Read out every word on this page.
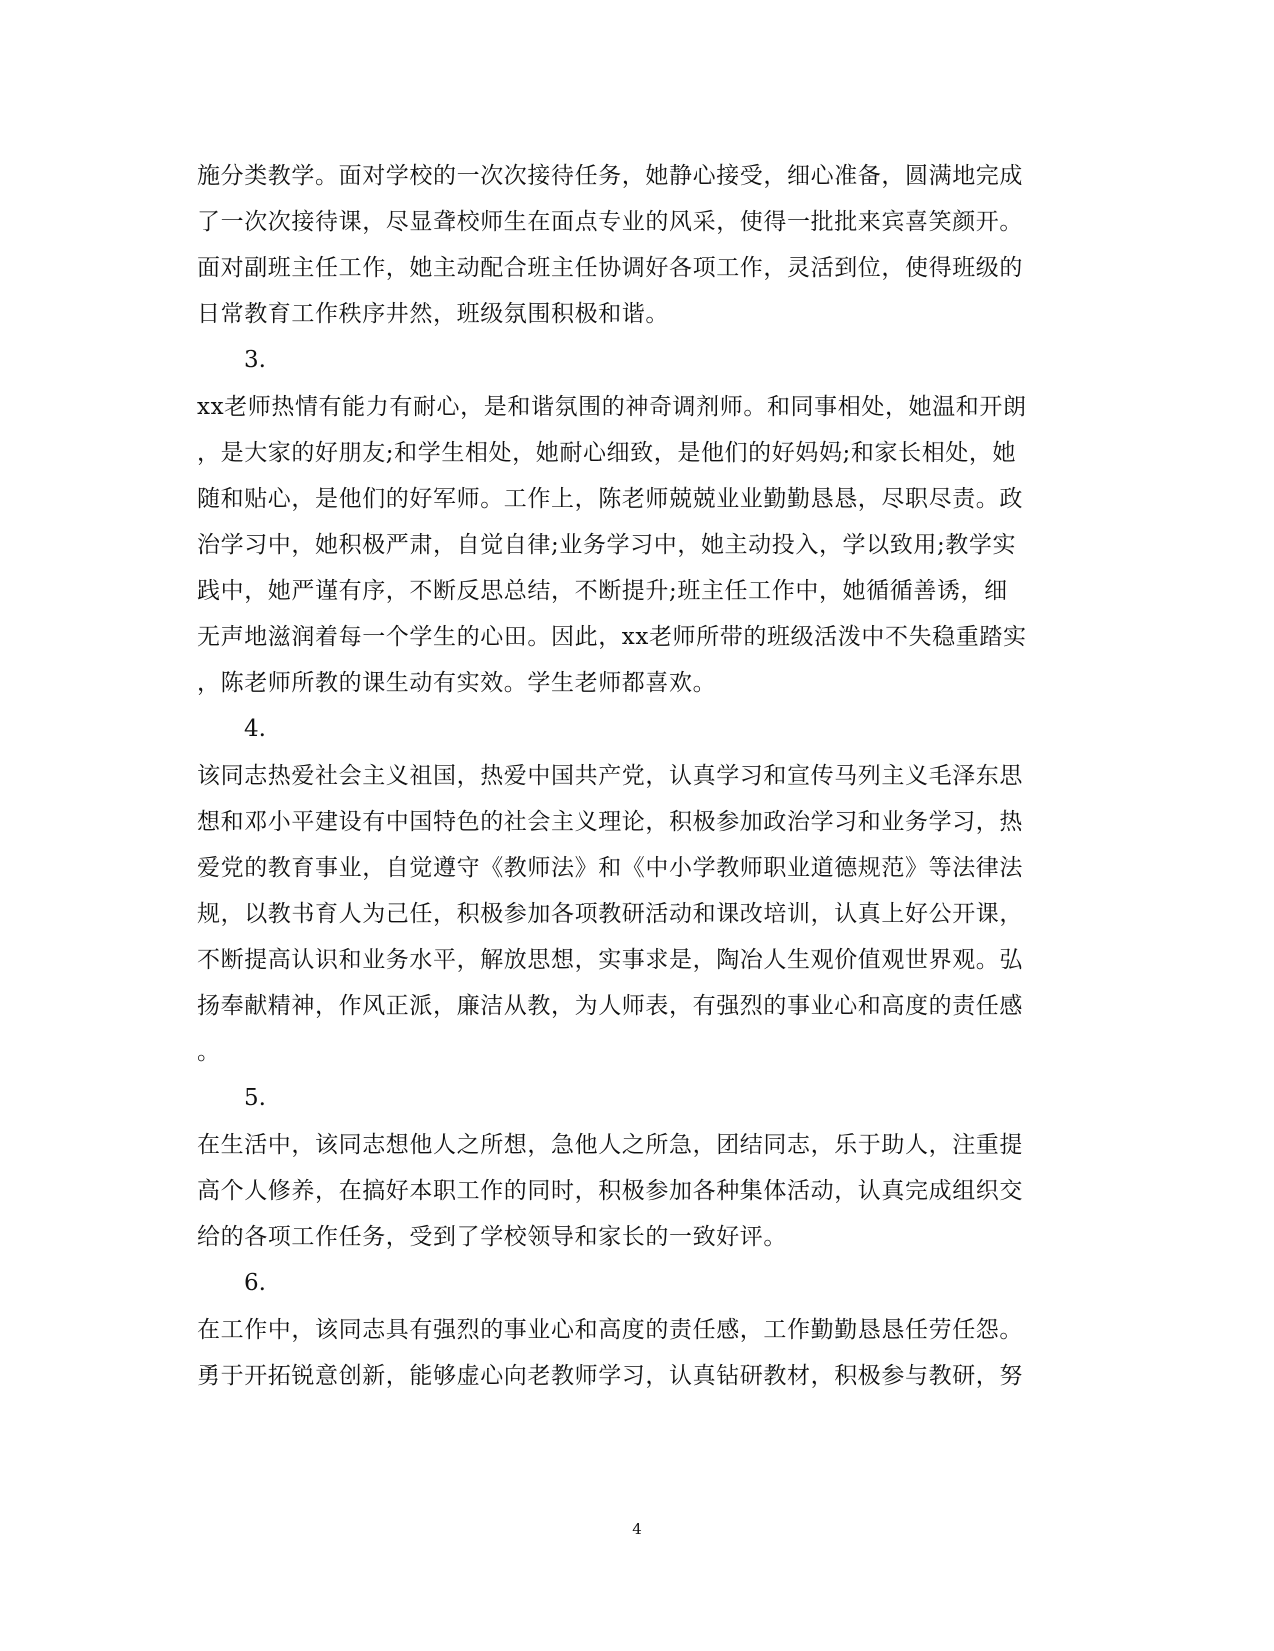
施分类教学。面对学校的一次次接待任务，她静心接受，细心准备，圆满地完成
了一次次接待课，尽显聋校师生在面点专业的风采，使得一批批来宾喜笑颜开。
面对副班主任工作，她主动配合班主任协调好各项工作，灵活到位，使得班级的
日常教育工作秩序井然，班级氛围积极和谐。
3.
xx老师热情有能力有耐心，是和谐氛围的神奇调剂师。和同事相处，她温和开朗
，是大家的好朋友;和学生相处，她耐心细致，是他们的好妈妈;和家长相处，她
随和贴心，是他们的好军师。工作上，陈老师兢兢业业勤勤恳恳，尽职尽责。政
治学习中，她积极严肃，自觉自律;业务学习中，她主动投入，学以致用;教学实
践中，她严谨有序，不断反思总结，不断提升;班主任工作中，她循循善诱，细
无声地滋润着每一个学生的心田。因此，xx老师所带的班级活泼中不失稳重踏实
，陈老师所教的课生动有实效。学生老师都喜欢。
4.
该同志热爱社会主义祖国，热爱中国共产党，认真学习和宣传马列主义毛泽东思
想和邓小平建设有中国特色的社会主义理论，积极参加政治学习和业务学习，热
爱党的教育事业，自觉遵守《教师法》和《中小学教师职业道德规范》等法律法
规，以教书育人为己任，积极参加各项教研活动和课改培训，认真上好公开课，
不断提高认识和业务水平，解放思想，实事求是，陶冶人生观价值观世界观。弘
扬奉献精神，作风正派，廉洁从教，为人师表，有强烈的事业心和高度的责任感
。
5.
在生活中，该同志想他人之所想，急他人之所急，团结同志，乐于助人，注重提
高个人修养，在搞好本职工作的同时，积极参加各种集体活动，认真完成组织交
给的各项工作任务，受到了学校领导和家长的一致好评。
6.
在工作中，该同志具有强烈的事业心和高度的责任感，工作勤勤恳恳任劳任怨。
勇于开拓锐意创新，能够虚心向老教师学习，认真钻研教材，积极参与教研，努
4
